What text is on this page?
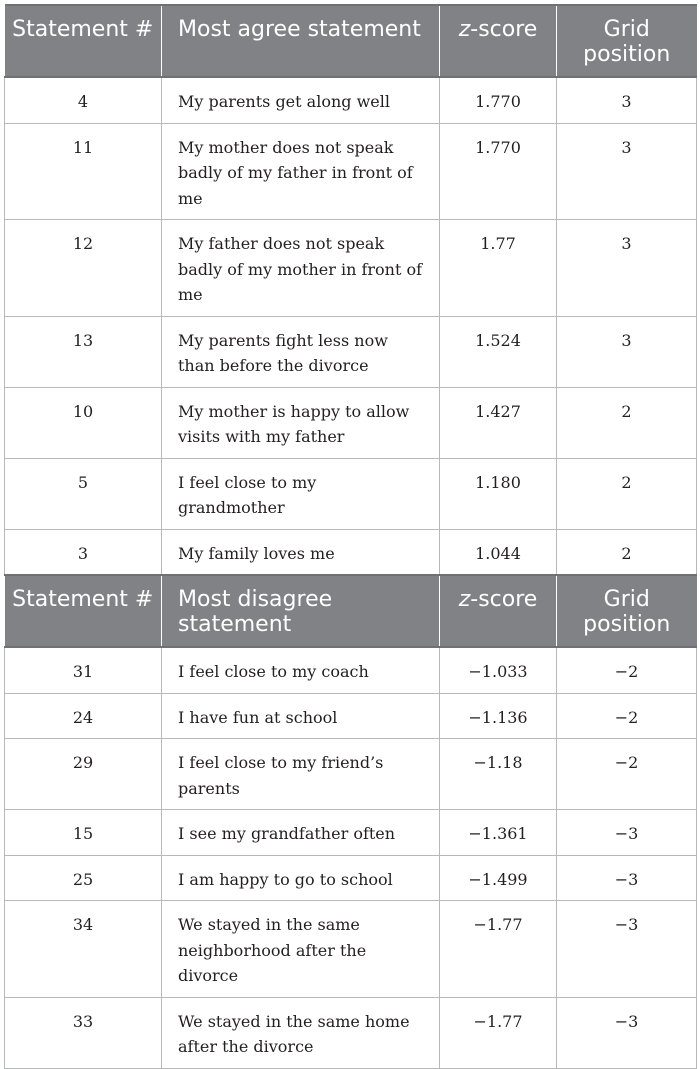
Statement #	Most agree statement	z-score	Grid position
4	My parents get along well	1.770	3
11	My mother does not speak badly of my father in front of me	1.770	3
12	My father does not speak badly of my mother in front of me	1.77	3
13	My parents fight less now than before the divorce	1.524	3
10	My mother is happy to allow visits with my father	1.427	2
5	I feel close to my grandmother	1.180	2
3	My family loves me	1.044	2
Statement #	Most disagree statement	z-score	Grid position
31	I feel close to my coach	−1.033	−2
24	I have fun at school	−1.136	−2
29	I feel close to my friend’s parents	−1.18	−2
15	I see my grandfather often	−1.361	−3
25	I am happy to go to school	−1.499	−3
34	We stayed in the same neighborhood after the divorce	−1.77	−3
33	We stayed in the same home after the divorce	−1.77	−3
